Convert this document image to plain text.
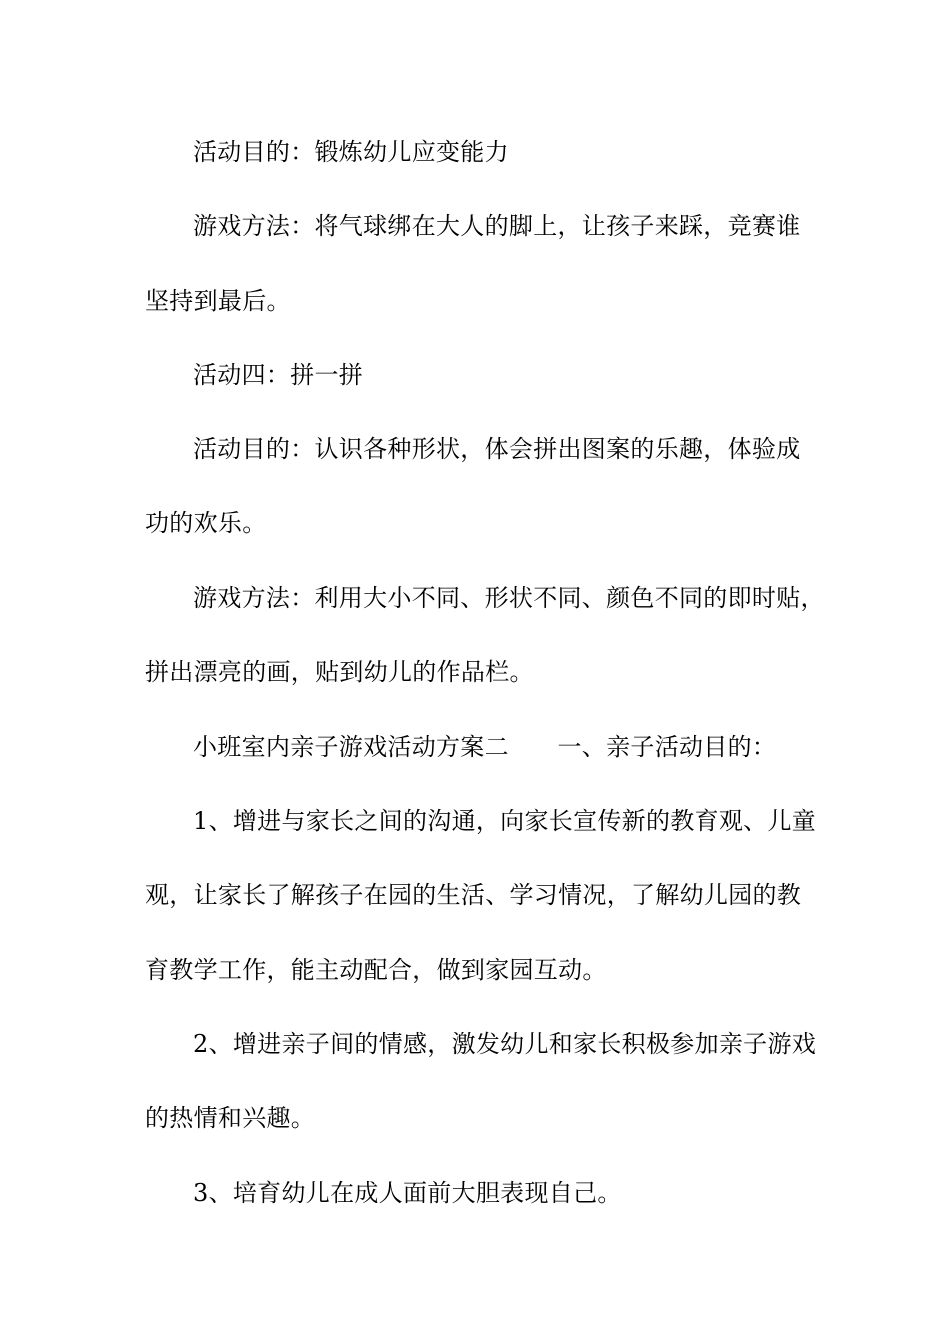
活动目的：锻炼幼儿应变能力
游戏方法：将气球绑在大人的脚上，让孩子来踩，竞赛谁
坚持到最后。
活动四：拼一拼
活动目的：认识各种形状，体会拼出图案的乐趣，体验成
功的欢乐。
游戏方法：利用大小不同、形状不同、颜色不同的即时贴，
拼出漂亮的画，贴到幼儿的作品栏。
小班室内亲子游戏活动方案二　　一、亲子活动目的：
1、增进与家长之间的沟通，向家长宣传新的教育观、儿童
观，让家长了解孩子在园的生活、学习情况，了解幼儿园的教
育教学工作，能主动配合，做到家园互动。
2、增进亲子间的情感，激发幼儿和家长积极参加亲子游戏
的热情和兴趣。
3、培育幼儿在成人面前大胆表现自己。
